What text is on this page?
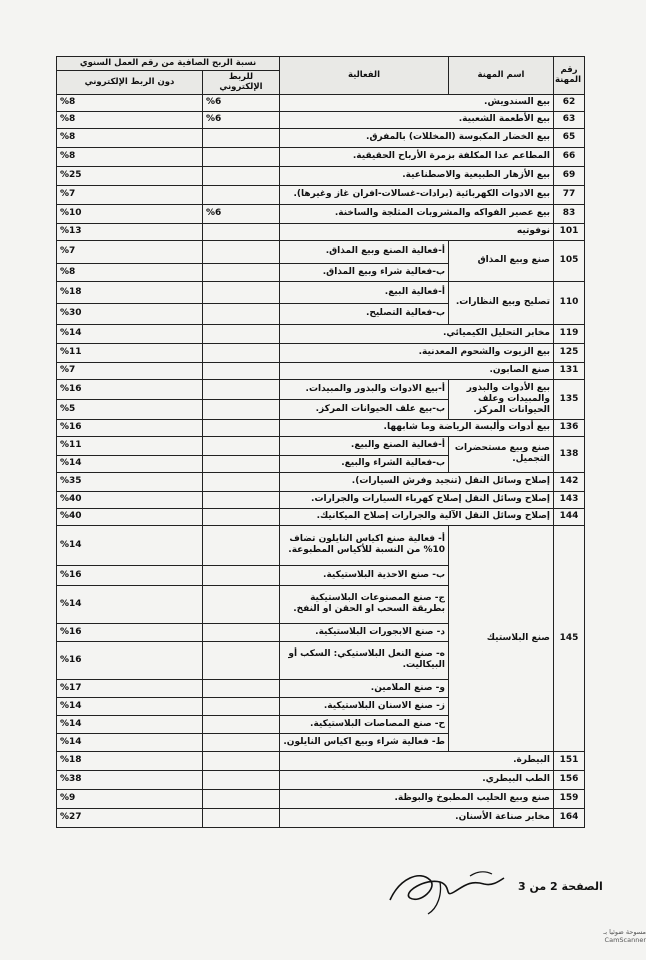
رقم المهنة	اسم المهنة	الفعالية	نسبة الربح الصافية من رقم العمل السنوي	
			للربط الإلكتروني	دون الربط الإلكتروني
62	بيع السندويش.		%6	%8
63	بيع الأطعمة الشعبية.		%6	%8
65	بيع الخضار المكبوسة (المخللات) بالمفرق.			%8
66	المطاعم عدا المكلفة بزمرة الأرباح الحقيقية.			%8
69	بيع الأزهار الطبيعية والاصطناعية.			%25
77	بيع الادوات الكهربائية (برادات-غسالات-افران غاز وغيرها).			%7
83	بيع عصير الفواكه والمشروبات المثلجة والساخنة.		%6	%10
101	نوفوتيه			%13
105	صنع وبيع المذاق	أ-فعالية الصنع وبيع المذاق.		%7
		ب-فعالية شراء وبيع المذاق.		%8
110	تصليح وبيع النظارات.	أ-فعالية البيع.		%18
		ب-فعالية التصليح.		%30
119	مخابر التحليل الكيميائي.			%14
125	بيع الزيوت والشحوم المعدنية.			%11
131	صنع الصابون.			%7
135	بيع الأدوات والبذور والمبيدات وعلف الحيوانات المركز.	أ-بيع الادوات والبذور والمبيدات.		%16
		ب-بيع علف الحيوانات المركز.		%5
136	بيع أدوات وألبسة الرياضة وما شابهها.			%16
138	صنع وبيع مستحضرات التجميل.	أ-فعالية الصنع والبيع.		%11
		ب-فعالية الشراء والبيع.		%14
142	إصلاح وسائل النقل (تنجيد وفرش السيارات).			%35
143	إصلاح وسائل النقل إصلاح كهرباء السيارات والجرارات.			%40
144	إصلاح وسائل النقل الآلية والجرارات إصلاح الميكانيك.			%40
145	صنع البلاستيك	أ- فعالية صنع اكياس النايلون تضاف 10% من النسبة للأكياس المطبوعة.		%14
		ب- صنع الاحذية البلاستيكية.		%16
		ج- صنع المصنوعات البلاستيكية بطريقة السحب او الحقن او النفخ.		%14
		د- صنع الابجورات البلاستيكية.		%16
		ه- صنع النعل البلاستيكي: السكب أو البيكاليت.		%16
		و- صنع الملامين.		%17
		ز- صنع الاسنان البلاستيكية.		%14
		ح- صنع المصاصات البلاستيكية.		%14
		ط- فعالية شراء وبيع اكياس النايلون.		%14
151	البيطرة.			%18
156	الطب البيطري.			%38
159	صنع وبيع الحليب المطبوخ والبوظة.			%9
164	مخابر صناعة الأسنان.			%27
الصفحة 2 من 3
مسوحة ضوئيا بـ CamScanner
